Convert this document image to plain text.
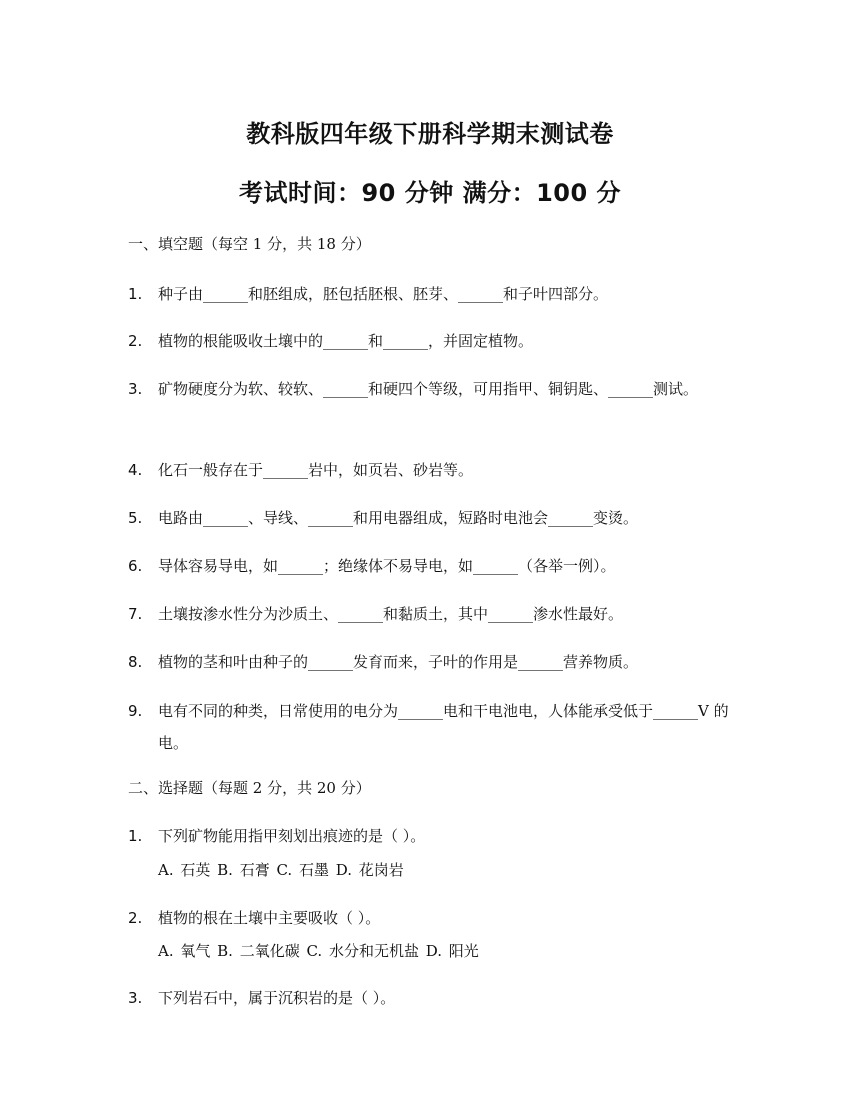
教科版四年级下册科学期末测试卷
考试时间：90 分钟 满分：100 分
一、填空题（每空 1 分，共 18 分）
1.	种子由______和胚组成，胚包括胚根、胚芽、______和子叶四部分。
2.	植物的根能吸收土壤中的______和______，并固定植物。
3.	矿物硬度分为软、较软、______和硬四个等级，可用指甲、铜钥匙、______测试。
4.	化石一般存在于______岩中，如页岩、砂岩等。
5.	电路由______、导线、______和用电器组成，短路时电池会______变烫。
6.	导体容易导电，如______；绝缘体不易导电，如______（各举一例）。
7.	土壤按渗水性分为沙质土、______和黏质土，其中______渗水性最好。
8.	植物的茎和叶由种子的______发育而来，子叶的作用是______营养物质。
9.	电有不同的种类，日常使用的电分为______电和干电池电，人体能承受低于______V 的电。
二、选择题（每题 2 分，共 20 分）
1.	下列矿物能用指甲刻划出痕迹的是（ ）。
A. 石英 B. 石膏 C. 石墨 D. 花岗岩
2.	植物的根在土壤中主要吸收（ ）。
A. 氧气 B. 二氧化碳 C. 水分和无机盐 D. 阳光
3.	下列岩石中，属于沉积岩的是（ ）。
